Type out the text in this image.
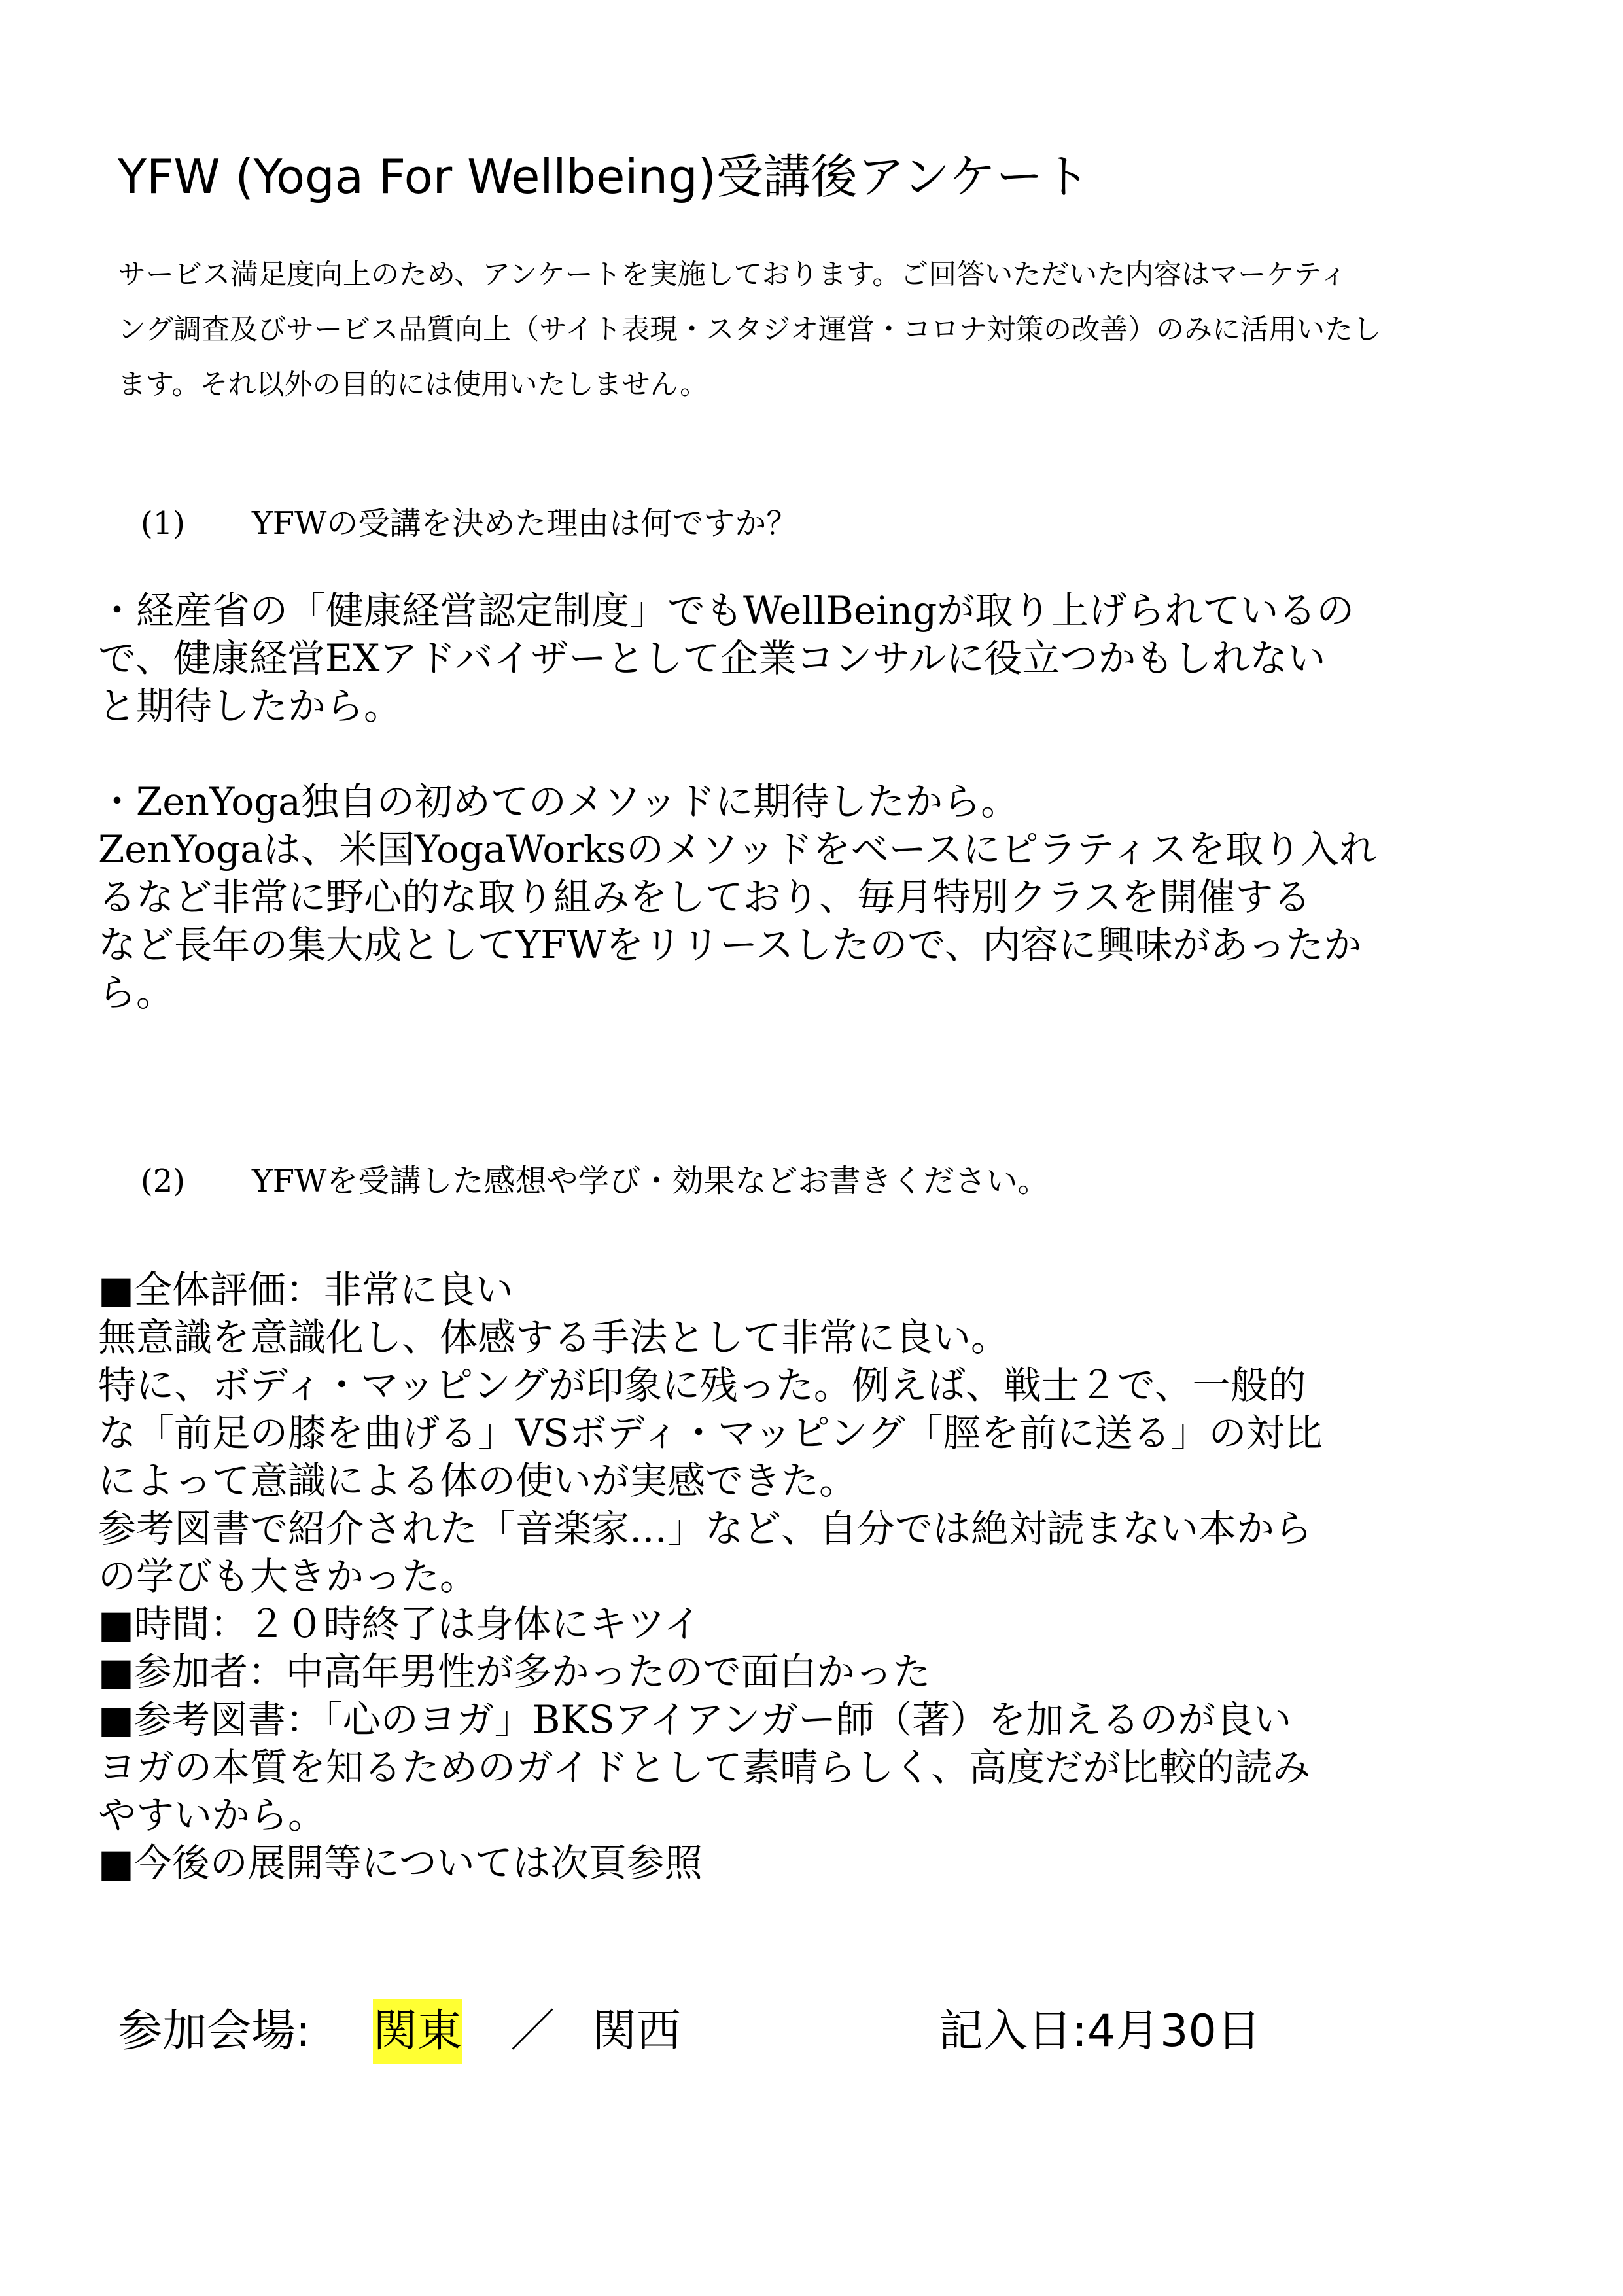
YFW (Yoga For Wellbeing)受講後アンケート
サービス満足度向上のため、アンケートを実施しております。ご回答いただいた内容はマーケティ
ング調査及びサービス品質向上（サイト表現・スタジオ運営・コロナ対策の改善）のみに活用いたし
ます。それ以外の目的には使用いたしません。
(1) YFWの受講を決めた理由は何ですか？
・経産省の「健康経営認定制度」でもWellBeingが取り上げられているの
で、健康経営EXアドバイザーとして企業コンサルに役立つかもしれない
と期待したから。
・ZenYoga独自の初めてのメソッドに期待したから。
ZenYogaは、米国YogaWorksのメソッドをベースにピラティスを取り入れ
るなど非常に野心的な取り組みをしており、毎月特別クラスを開催する
など長年の集大成としてYFWをリリースしたので、内容に興味があったか
ら。
(2) YFWを受講した感想や学び・効果などお書きください。
■全体評価：非常に良い
無意識を意識化し、体感する手法として非常に良い。
特に、ボディ・マッピングが印象に残った。例えば、戦士２で、一般的
な「前足の膝を曲げる」VSボディ・マッピング「脛を前に送る」の対比
によって意識による体の使いが実感できた。
参考図書で紹介された「音楽家…」など、自分では絶対読まない本から
の学びも大きかった。
■時間：２０時終了は身体にキツイ
■参加者：中高年男性が多かったので面白かった
■参考図書：「心のヨガ」BKSアイアンガー師（著）を加えるのが良い
ヨガの本質を知るためのガイドとして素晴らしく、高度だが比較的読み
やすいから。
■今後の展開等については次頁参照
参加会場: 関東 ／ 関西	記入日:4月30日
